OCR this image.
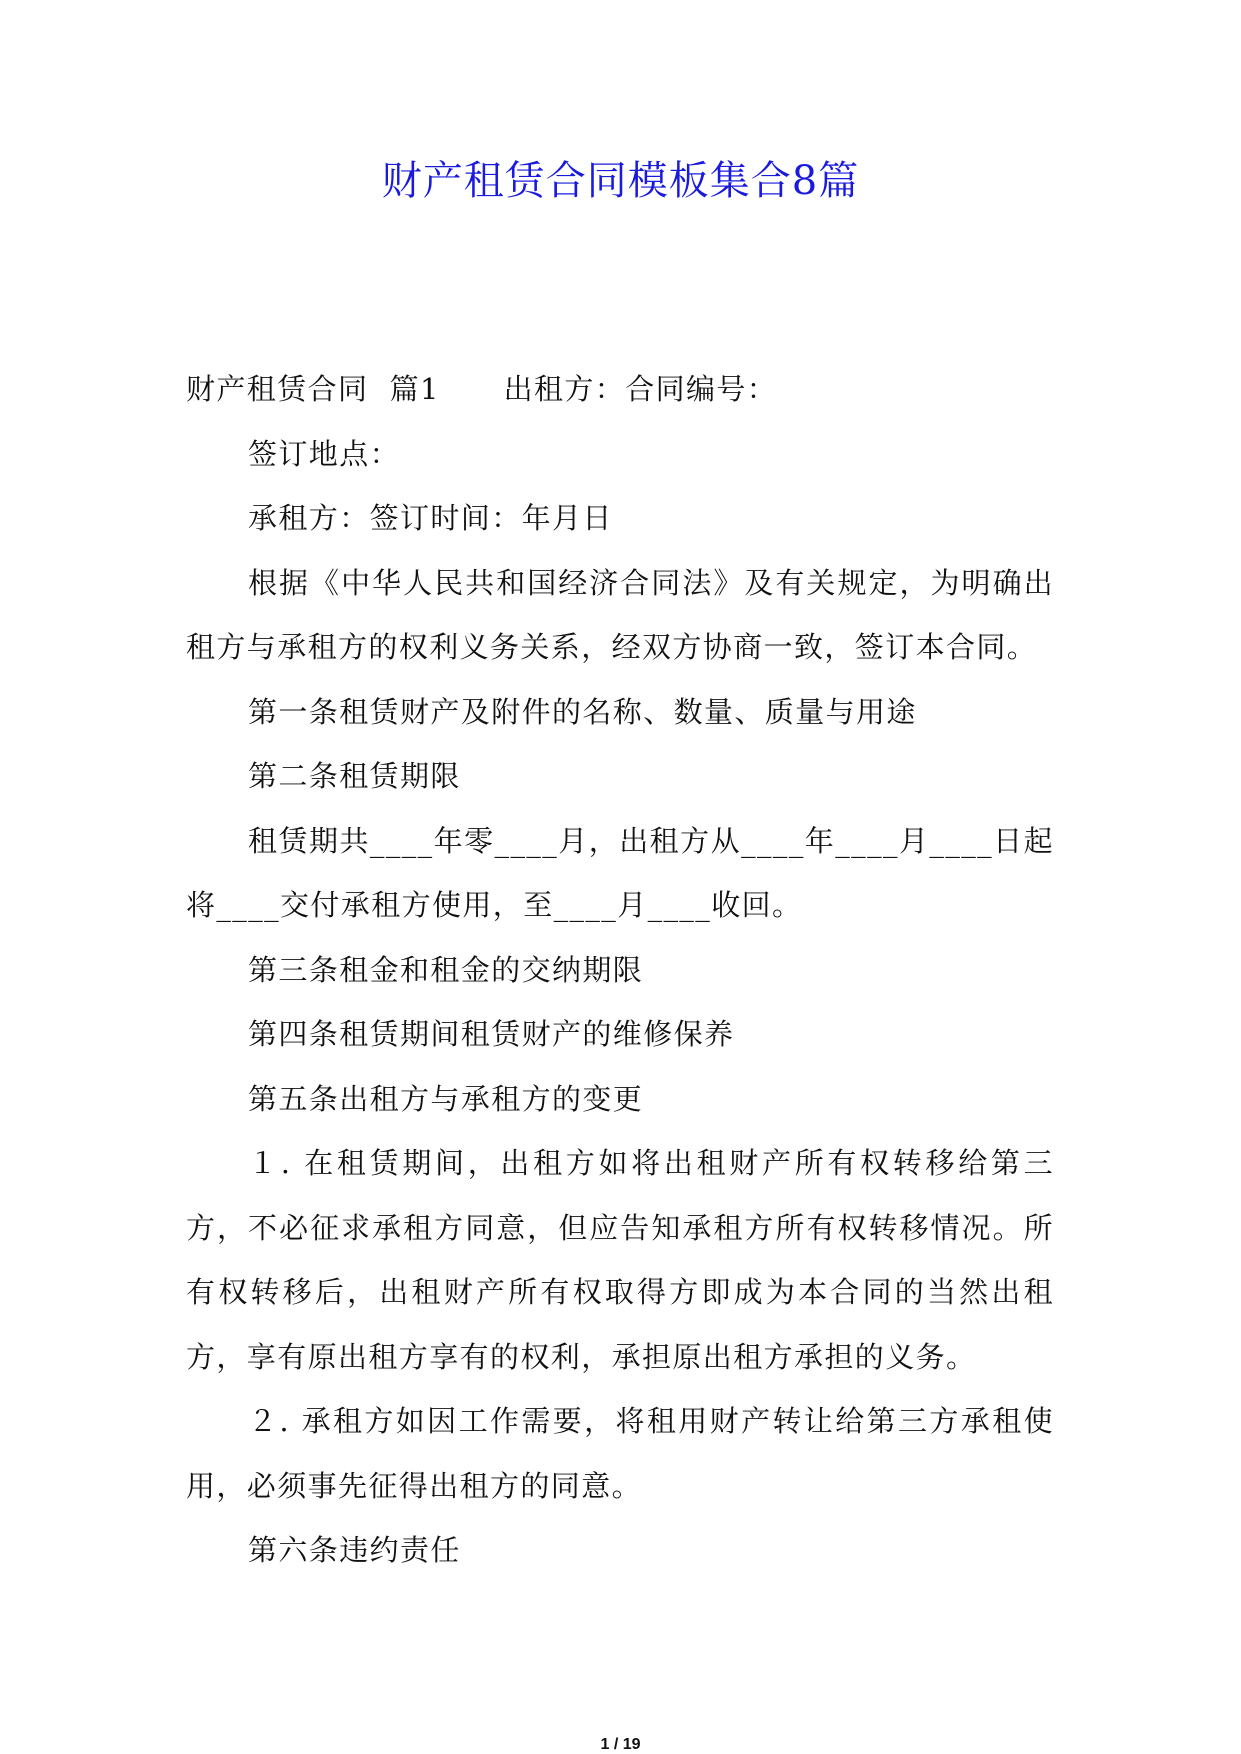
财产租赁合同模板集合8篇

财产租赁合同  篇1      出租方：合同编号：

签订地点：

承租方：签订时间：年月日

根据《中华人民共和国经济合同法》及有关规定，为明确出租方与承租方的权利义务关系，经双方协商一致，签订本合同。

第一条租赁财产及附件的名称、数量、质量与用途

第二条租赁期限

租赁期共____年零____月，出租方从____年____月____日起将____交付承租方使用，至____月____收回。

第三条租金和租金的交纳期限

第四条租赁期间租赁财产的维修保养

第五条出租方与承租方的变更

１. 在租赁期间，出租方如将出租财产所有权转移给第三方，不必征求承租方同意，但应告知承租方所有权转移情况。所有权转移后，出租财产所有权取得方即成为本合同的当然出租方，享有原出租方享有的权利，承担原出租方承担的义务。

２. 承租方如因工作需要，将租用财产转让给第三方承租使用，必须事先征得出租方的同意。

第六条违约责任

1 / 19
